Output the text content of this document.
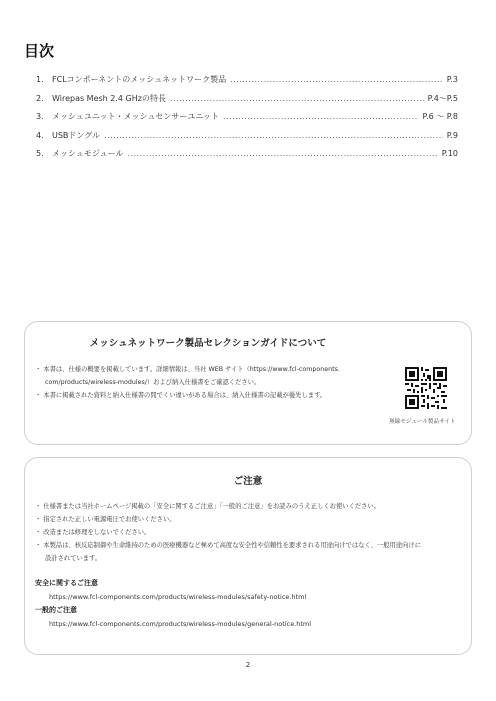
目次
1.	FCLコンポーネントのメッシュネットワーク製品 .....	P.3
2.	Wirepas Mesh 2.4 GHzの特長 .....	P.4～P.5
3.	メッシュユニット・メッシュセンサーユニット .....	P.6 ～ P.8
4.	USBドングル .....	P.9
5.	メッシュモジュール .....	P.10
メッシュネットワーク製品セレクションガイドについて
・ 本書は、仕様の概要を掲載しています。詳細情報は、当社 WEB サイト（https://www.fcl-components.
com/products/wireless-modules/）および納入仕様書をご確認ください。
・ 本書に掲載された資料と納入仕様書の間でくい違いがある場合は、納入仕様書の記載が優先します。
無線モジュール製品サイト
ご注意
・ 仕様書または当社ホームページ掲載の「安全に関するご注意」「一般的ご注意」をお読みのうえ正しくお使いください。
・ 指定された正しい電源電圧でお使いください。
・ 改造または修理をしないでください。
・ 本製品は、核反応制御や生命維持のための医療機器など極めて高度な安全性や信頼性を要求される用途向けではなく、一般用途向けに
設計されています。
安全に関するご注意
https://www.fcl-components.com/products/wireless-modules/safety-notice.html
一般的ご注意
https://www.fcl-components.com/products/wireless-modules/general-notice.html
2
